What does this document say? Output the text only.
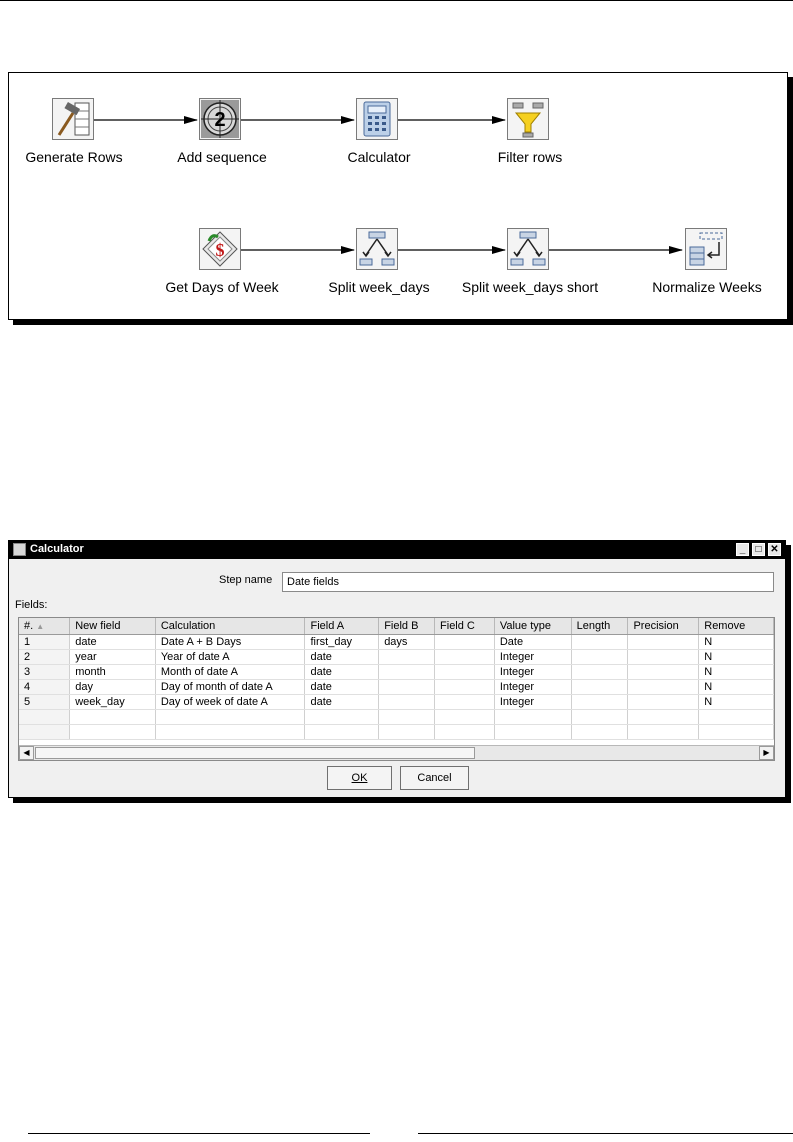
Generate Rows
2
Add sequence	Calculator	Filter rows
$
Get Days of Week	Split week_days Split week_days short	Normalize Weeks
Calculator	_	□ ✕
Step name
Date fields
Fields:
#. ▲	New field	Calculation	Field A	Field B	Field C	Value type	Length	Precision	Remove
1	date	Date A + B Days	first_day	days		Date			N
2	year	Year of date A	date			Integer			N
3	month	Month of date A	date			Integer			N
4	day	Day of month of date A	date			Integer			N
5	week_day	Day of week of date A	date			Integer			N

◀	▶
OK	Cancel
